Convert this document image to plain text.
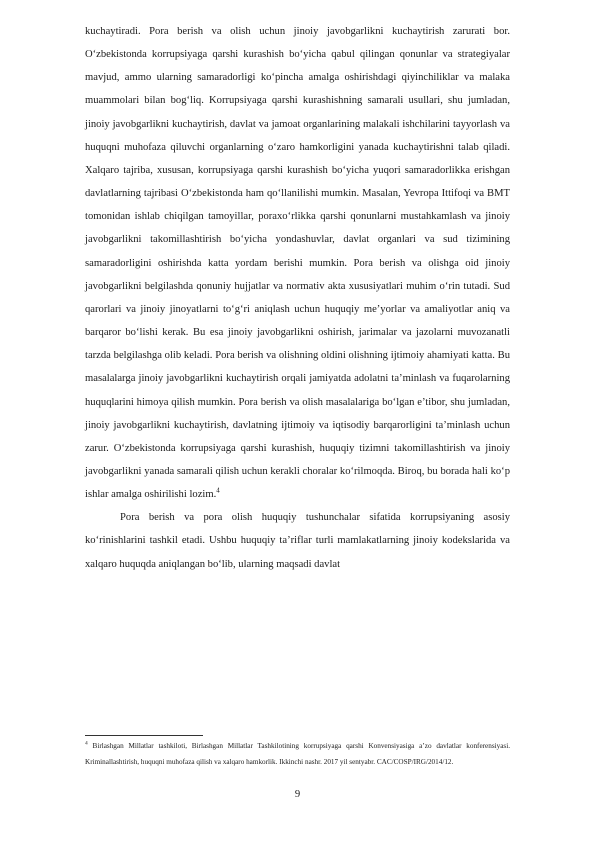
kuchaytiradi. Pora berish va olish uchun jinoiy javobgarlikni kuchaytirish zarurati bor. O‘zbekistonda korrupsiyaga qarshi kurashish bo‘yicha qabul qilingan qonunlar va strategiyalar mavjud, ammo ularning samaradorligi ko‘pincha amalga oshirishdagi qiyinchiliklar va malaka muammolari bilan bog‘liq. Korrupsiyaga qarshi kurashishning samarali usullari, shu jumladan, jinoiy javobgarlikni kuchaytirish, davlat va jamoat organlarining malakali ishchilarini tayyorlash va huquqni muhofaza qiluvchi organlarning o‘zaro hamkorligini yanada kuchaytirishni talab qiladi. Xalqaro tajriba, xususan, korrupsiyaga qarshi kurashish bo‘yicha yuqori samaradorlikka erishgan davlatlarning tajribasi O‘zbekistonda ham qo‘llanilishi mumkin. Masalan, Yevropa Ittifoqi va BMT tomonidan ishlab chiqilgan tamoyillar, poraxo‘rlikka qarshi qonunlarni mustahkamlash va jinoiy javobgarlikni takomillashtirish bo‘yicha yondashuvlar, davlat organlari va sud tizimining samaradorligini oshirishda katta yordam berishi mumkin. Pora berish va olishga oid jinoiy javobgarlikni belgilashda qonuniy hujjatlar va normativ akta xususiyatlari muhim o‘rin tutadi. Sud qarorlari va jinoiy jinoyatlarni to‘g‘ri aniqlash uchun huquqiy me’yorlar va amaliyotlar aniq va barqaror bo‘lishi kerak. Bu esa jinoiy javobgarlikni oshirish, jarimalar va jazolarni muvozanatli tarzda belgilashga olib keladi. Pora berish va olishning oldini olishning ijtimoiy ahamiyati katta. Bu masalalarga jinoiy javobgarlikni kuchaytirish orqali jamiyatda adolatni ta’minlash va fuqarolarning huquqlarini himoya qilish mumkin. Pora berish va olish masalalariga bo‘lgan e’tibor, shu jumladan, jinoiy javobgarlikni kuchaytirish, davlatning ijtimoiy va iqtisodiy barqarorligini ta’minlash uchun zarur. O‘zbekistonda korrupsiyaga qarshi kurashish, huquqiy tizimni takomillashtirish va jinoiy javobgarlikni yanada samarali qilish uchun kerakli choralar ko‘rilmoqda. Biroq, bu borada hali ko‘p ishlar amalga oshirilishi lozim.$^4$

Pora berish va pora olish huquqiy tushunchalar sifatida korrupsiyaning asosiy ko‘rinishlarini tashkil etadi. Ushbu huquqiy ta’riflar turli mamlakatlarning jinoiy kodekslarida va xalqaro huquqda aniqlangan bo‘lib, ularning maqsadi davlat

$^4$ Birlashgan Millatlar tashkiloti, Birlashgan Millatlar Tashkilotining korrupsiyaga qarshi Konvensiyasiga a’zo davlatlar konferensiyasi. Kriminallashtirish, huquqni muhofaza qilish va xalqaro hamkorlik. Ikkinchi nashr. 2017 yil sentyabr. CAC/COSP/IRG/2014/12.

9
